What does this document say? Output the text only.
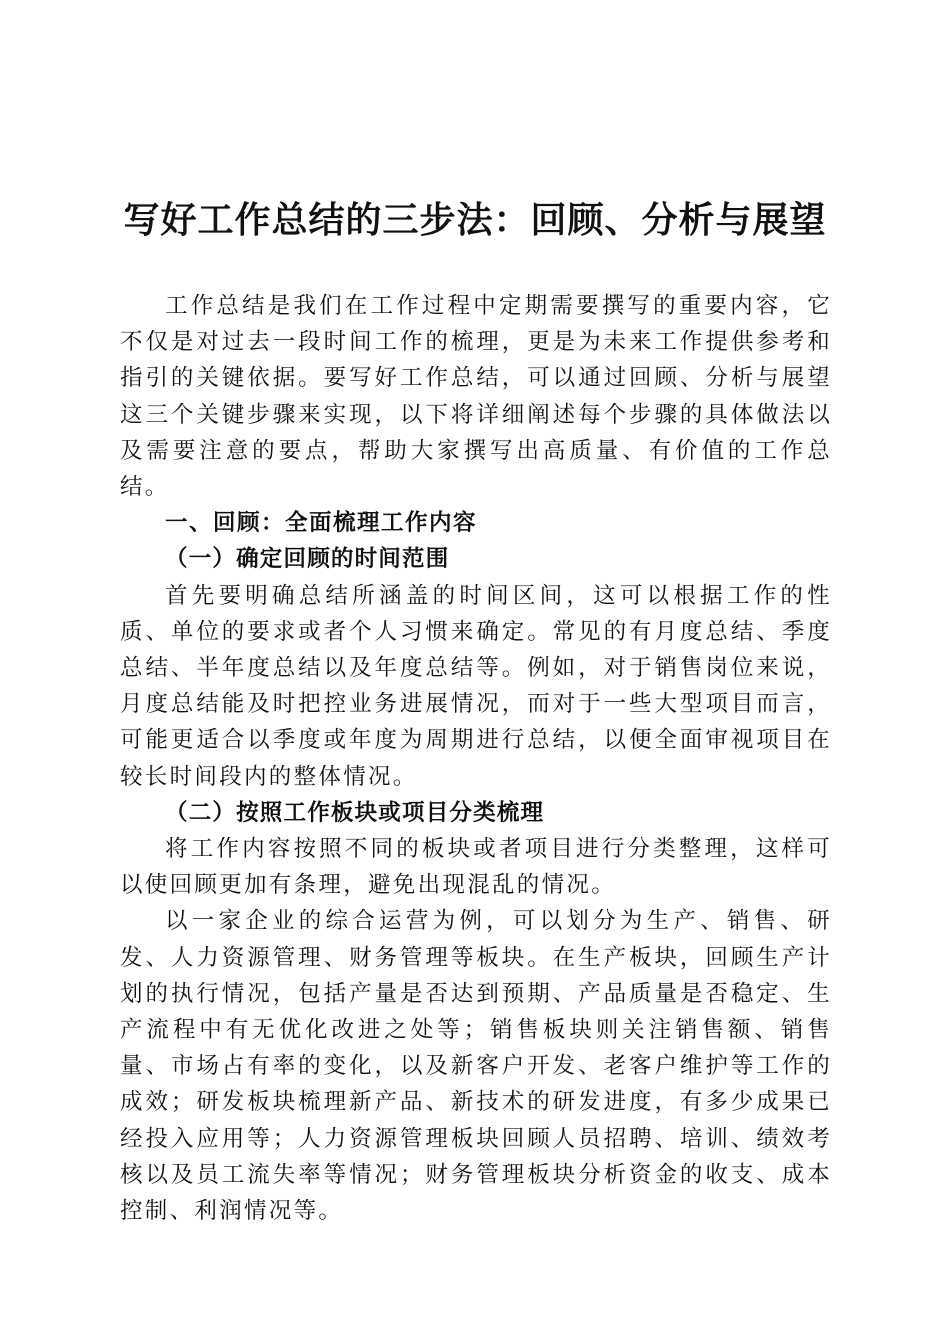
写好工作总结的三步法：回顾、分析与展望

工作总结是我们在工作过程中定期需要撰写的重要内容，它不仅是对过去一段时间工作的梳理，更是为未来工作提供参考和指引的关键依据。要写好工作总结，可以通过回顾、分析与展望这三个关键步骤来实现，以下将详细阐述每个步骤的具体做法以及需要注意的要点，帮助大家撰写出高质量、有价值的工作总结。

一、回顾：全面梳理工作内容
（一）确定回顾的时间范围

首先要明确总结所涵盖的时间区间，这可以根据工作的性质、单位的要求或者个人习惯来确定。常见的有月度总结、季度总结、半年度总结以及年度总结等。例如，对于销售岗位来说，月度总结能及时把控业务进展情况，而对于一些大型项目而言，可能更适合以季度或年度为周期进行总结，以便全面审视项目在较长时间段内的整体情况。

（二）按照工作板块或项目分类梳理

将工作内容按照不同的板块或者项目进行分类整理，这样可以使回顾更加有条理，避免出现混乱的情况。

以一家企业的综合运营为例，可以划分为生产、销售、研发、人力资源管理、财务管理等板块。在生产板块，回顾生产计划的执行情况，包括产量是否达到预期、产品质量是否稳定、生产流程中有无优化改进之处等；销售板块则关注销售额、销售量、市场占有率的变化，以及新客户开发、老客户维护等工作的成效；研发板块梳理新产品、新技术的研发进度，有多少成果已经投入应用等；人力资源管理板块回顾人员招聘、培训、绩效考核以及员工流失率等情况；财务管理板块分析资金的收支、成本控制、利润情况等。
